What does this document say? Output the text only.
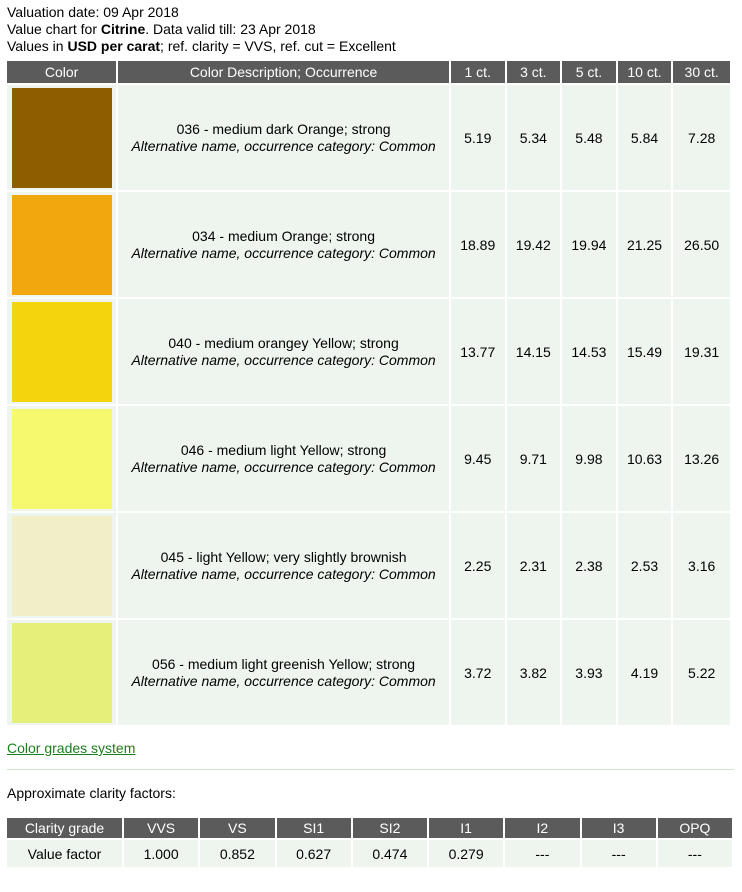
Valuation date: 09 Apr 2018
Value chart for Citrine. Data valid till: 23 Apr 2018
Values in USD per carat; ref. clarity = VVS, ref. cut = Excellent
Color	Color Description; Occurrence	1 ct.	3 ct.	5 ct.	10 ct.	30 ct.

	036 - medium dark Orange; strong
Alternative name, occurrence category: Common	5.19	5.34	5.48	5.84	7.28

	034 - medium Orange; strong
Alternative name, occurrence category: Common	18.89	19.42	19.94	21.25	26.50

	040 - medium orangey Yellow; strong
Alternative name, occurrence category: Common	13.77	14.15	14.53	15.49	19.31

	046 - medium light Yellow; strong
Alternative name, occurrence category: Common	9.45	9.71	9.98	10.63	13.26

	045 - light Yellow; very slightly brownish
Alternative name, occurrence category: Common	2.25	2.31	2.38	2.53	3.16

	056 - medium light greenish Yellow; strong
Alternative name, occurrence category: Common	3.72	3.82	3.93	4.19	5.22
Color grades system
Approximate clarity factors:
Clarity grade	VVS	VS	SI1	SI2	I1	I2	I3	OPQ
Value factor	1.000	0.852	0.627	0.474	0.279	---	---	---
